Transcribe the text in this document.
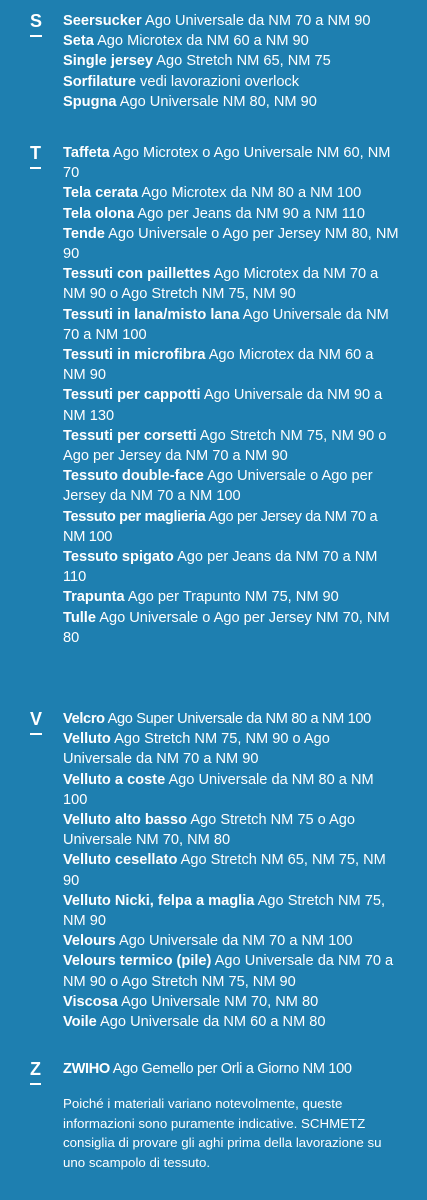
S Seersucker Ago Universale da NM 70 a NM 90

Seta Ago Microtex da NM 60 a NM 90

Single jersey Ago Stretch NM 65, NM 75

Sorfilature vedi lavorazioni overlock

Spugna Ago Universale NM 80, NM 90

T Taffeta Ago Microtex o Ago Universale NM 60, NM 70

Tela cerata Ago Microtex da NM 80 a NM 100

Tela olona Ago per Jeans da NM 90 a NM 110

Tende Ago Universale o Ago per Jersey NM 80, NM 90

Tessuti con paillettes Ago Microtex da NM 70 a NM 90 o Ago Stretch NM 75, NM 90

Tessuti in lana/misto lana Ago Universale da NM 70 a NM 100

Tessuti in microfibra Ago Microtex da NM 60 a NM 90

Tessuti per cappotti Ago Universale da NM 90 a NM 130

Tessuti per corsetti Ago Stretch NM 75, NM 90 o Ago per Jersey da NM 70 a NM 90

Tessuto double-face Ago Universale o Ago per Jersey da NM 70 a NM 100

Tessuto per maglieria Ago per Jersey da NM 70 a NM 100

Tessuto spigato Ago per Jeans da NM 70 a NM 110

Trapunta Ago per Trapunto NM 75, NM 90

Tulle Ago Universale o Ago per Jersey NM 70, NM 80

V Velcro Ago Super Universale da NM 80 a NM 100

Velluto Ago Stretch NM 75, NM 90 o Ago Universale da NM 70 a NM 90

Velluto a coste Ago Universale da NM 80 a NM 100

Velluto alto basso Ago Stretch NM 75 o Ago Universale NM 70, NM 80

Velluto cesellato Ago Stretch NM 65, NM 75, NM 90

Velluto Nicki, felpa a maglia Ago Stretch NM 75, NM 90

Velours Ago Universale da NM 70 a NM 100

Velours termico (pile) Ago Universale da NM 70 a NM 90 o Ago Stretch NM 75, NM 90

Viscosa Ago Universale NM 70, NM 80

Voile Ago Universale da NM 60 a NM 80

Z ZWIHO Ago Gemello per Orli a Giorno NM 100

Poiché i materiali variano notevolmente, queste informazioni sono puramente indicative. SCHMETZ consiglia di provare gli aghi prima della lavorazione su uno scampolo di tessuto.
